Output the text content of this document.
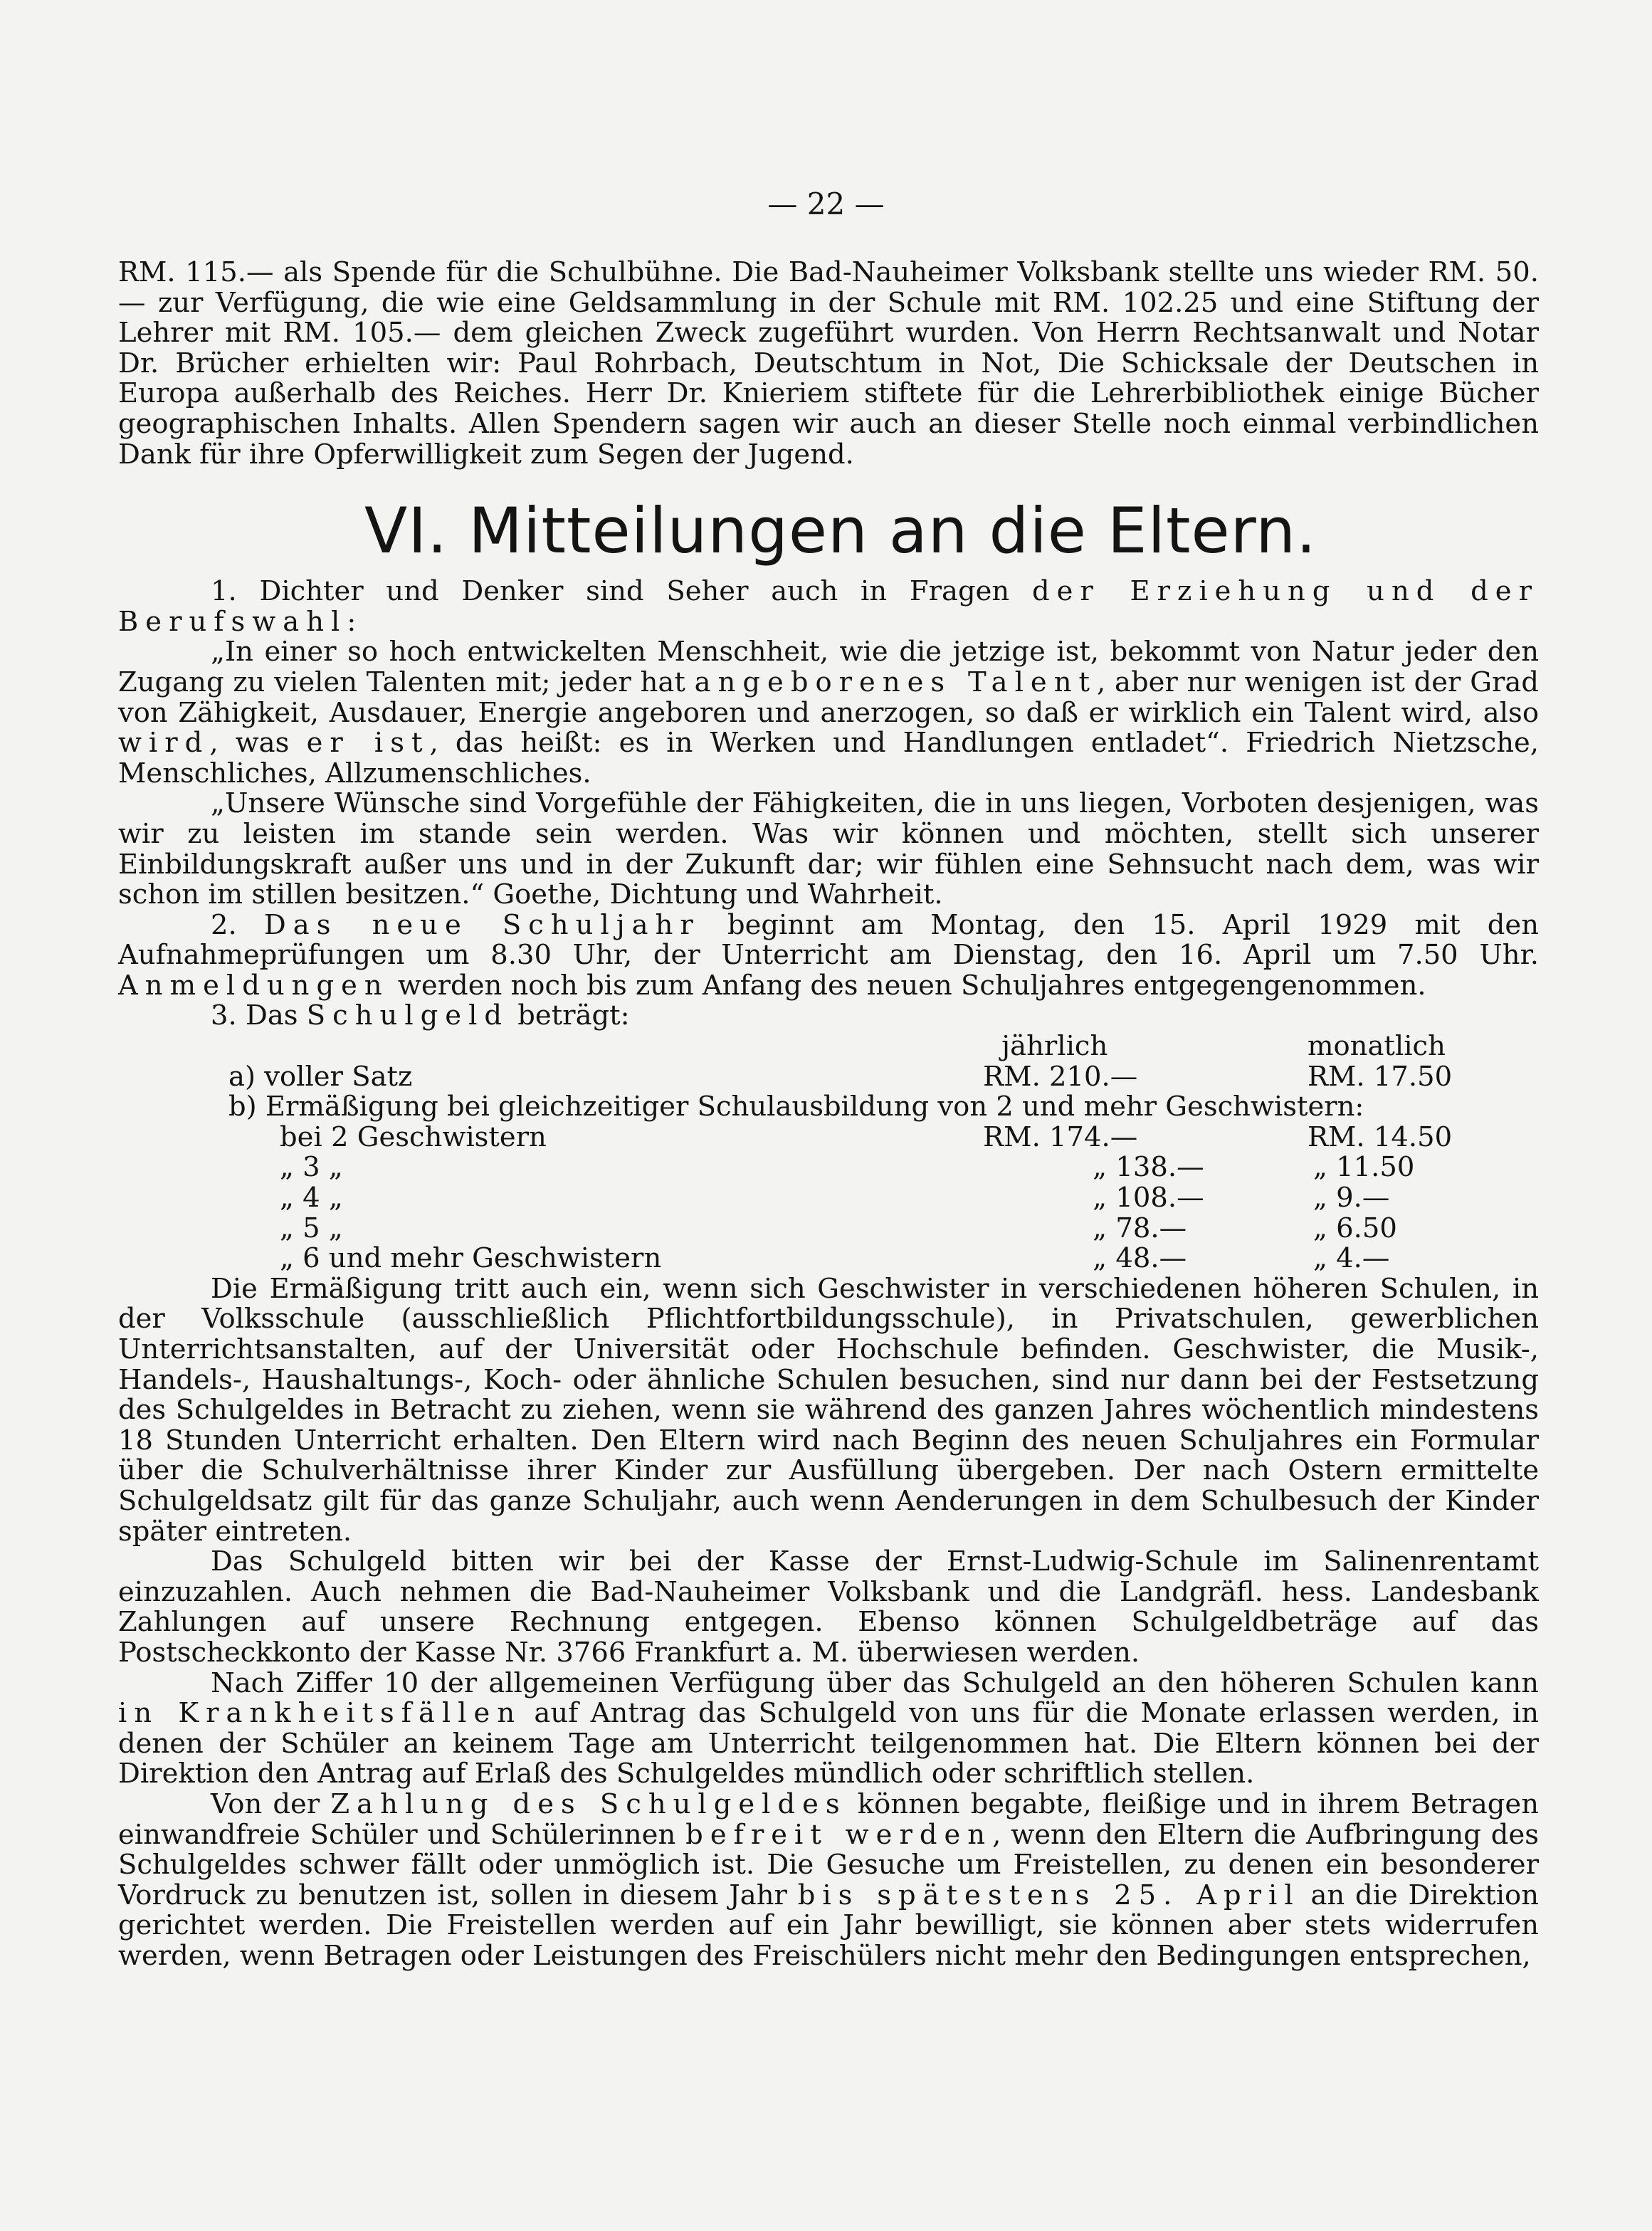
— 22 —

RM. 115.— als Spende für die Schulbühne. Die Bad-Nauheimer Volksbank stellte uns wieder RM. 50.— zur Verfügung, die wie eine Geldsammlung in der Schule mit RM. 102.25 und eine Stiftung der Lehrer mit RM. 105.— dem gleichen Zweck zugeführt wurden. Von Herrn Rechtsanwalt und Notar Dr. Brücher erhielten wir: Paul Rohrbach, Deutschtum in Not, Die Schicksale der Deutschen in Europa außerhalb des Reiches. Herr Dr. Knieriem stiftete für die Lehrerbibliothek einige Bücher geographischen Inhalts. Allen Spendern sagen wir auch an dieser Stelle noch einmal verbindlichen Dank für ihre Opferwilligkeit zum Segen der Jugend.

VI. Mitteilungen an die Eltern.

1. Dichter und Denker sind Seher auch in Fragen der Erziehung und der Berufswahl:

„In einer so hoch entwickelten Menschheit, wie die jetzige ist, bekommt von Natur jeder den Zugang zu vielen Talenten mit; jeder hat angeborenes Talent, aber nur wenigen ist der Grad von Zähigkeit, Ausdauer, Energie angeboren und anerzogen, so daß er wirklich ein Talent wird, also wird, was er ist, das heißt: es in Werken und Handlungen entladet“. Friedrich Nietzsche, Menschliches, Allzumenschliches.

„Unsere Wünsche sind Vorgefühle der Fähigkeiten, die in uns liegen, Vorboten desjenigen, was wir zu leisten im stande sein werden. Was wir können und möchten, stellt sich unserer Einbildungskraft außer uns und in der Zukunft dar; wir fühlen eine Sehnsucht nach dem, was wir schon im stillen besitzen.“ Goethe, Dichtung und Wahrheit.

2. Das neue Schuljahr beginnt am Montag, den 15. April 1929 mit den Aufnahmeprüfungen um 8.30 Uhr, der Unterricht am Dienstag, den 16. April um 7.50 Uhr. Anmeldungen werden noch bis zum Anfang des neuen Schuljahres entgegengenommen.

3. Das Schulgeld beträgt:

	jährlich	monatlich
a) voller Satz	RM. 210.—	RM. 17.50
b) Ermäßigung bei gleichzeitiger Schulausbildung von 2 und mehr Geschwistern:		
bei 2 Geschwistern	RM. 174.—	RM. 14.50
„ 3 „	„ 138.—	„ 11.50
„ 4 „	„ 108.—	„ 9.—
„ 5 „	„ 78.—	„ 6.50
„ 6 und mehr Geschwistern	„ 48.—	„ 4.—

Die Ermäßigung tritt auch ein, wenn sich Geschwister in verschiedenen höheren Schulen, in der Volksschule (ausschließlich Pflichtfortbildungsschule), in Privatschulen, gewerblichen Unterrichtsanstalten, auf der Universität oder Hochschule befinden. Geschwister, die Musik-, Handels-, Haushaltungs-, Koch- oder ähnliche Schulen besuchen, sind nur dann bei der Festsetzung des Schulgeldes in Betracht zu ziehen, wenn sie während des ganzen Jahres wöchentlich mindestens 18 Stunden Unterricht erhalten. Den Eltern wird nach Beginn des neuen Schuljahres ein Formular über die Schulverhältnisse ihrer Kinder zur Ausfüllung übergeben. Der nach Ostern ermittelte Schulgeldsatz gilt für das ganze Schuljahr, auch wenn Aenderungen in dem Schulbesuch der Kinder später eintreten.

Das Schulgeld bitten wir bei der Kasse der Ernst-Ludwig-Schule im Salinenrentamt einzuzahlen. Auch nehmen die Bad-Nauheimer Volksbank und die Landgräfl. hess. Landesbank Zahlungen auf unsere Rechnung entgegen. Ebenso können Schulgeldbeträge auf das Postscheckkonto der Kasse Nr. 3766 Frankfurt a. M. überwiesen werden.

Nach Ziffer 10 der allgemeinen Verfügung über das Schulgeld an den höheren Schulen kann in Krankheitsfällen auf Antrag das Schulgeld von uns für die Monate erlassen werden, in denen der Schüler an keinem Tage am Unterricht teilgenommen hat. Die Eltern können bei der Direktion den Antrag auf Erlaß des Schulgeldes mündlich oder schriftlich stellen.

Von der Zahlung des Schulgeldes können begabte, fleißige und in ihrem Betragen einwandfreie Schüler und Schülerinnen befreit werden, wenn den Eltern die Aufbringung des Schulgeldes schwer fällt oder unmöglich ist. Die Gesuche um Freistellen, zu denen ein besonderer Vordruck zu benutzen ist, sollen in diesem Jahr bis spätestens 25. April an die Direktion gerichtet werden. Die Freistellen werden auf ein Jahr bewilligt, sie können aber stets widerrufen werden, wenn Betragen oder Leistungen des Freischülers nicht mehr den Bedingungen entsprechen,
